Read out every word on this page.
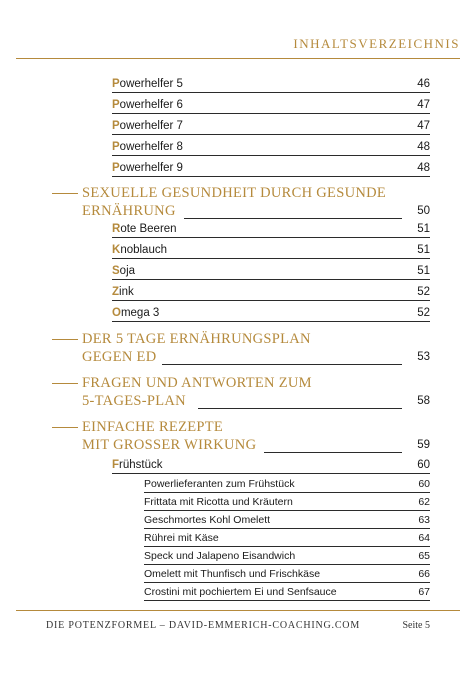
INHALTSVERZEICHNIS
Powerhelfer 5	46
Powerhelfer 6	47
Powerhelfer 7	47
Powerhelfer 8	48
Powerhelfer 9	48
SEXUELLE GESUNDHEIT DURCH GESUNDE
ERNÄHRUNG	50
Rote Beeren	51
Knoblauch	51
Soja	51
Zink	52
Omega 3	52
DER 5 TAGE ERNÄHRUNGSPLAN
GEGEN ED	53
FRAGEN UND ANTWORTEN ZUM
5-TAGES-PLAN	58
EINFACHE REZEPTE
MIT GROSSER WIRKUNG	59
Frühstück	60
Powerlieferanten zum Frühstück	60
Frittata mit Ricotta und Kräutern	62
Geschmortes Kohl Omelett	63
Rührei mit Käse	64
Speck und Jalapeno Eisandwich	65
Omelett mit Thunfisch und Frischkäse	66
Crostini mit pochiertem Ei und Senfsauce	67
DIE POTENZFORMEL – DAVID-EMMERICH-COACHING.COM	Seite 5
